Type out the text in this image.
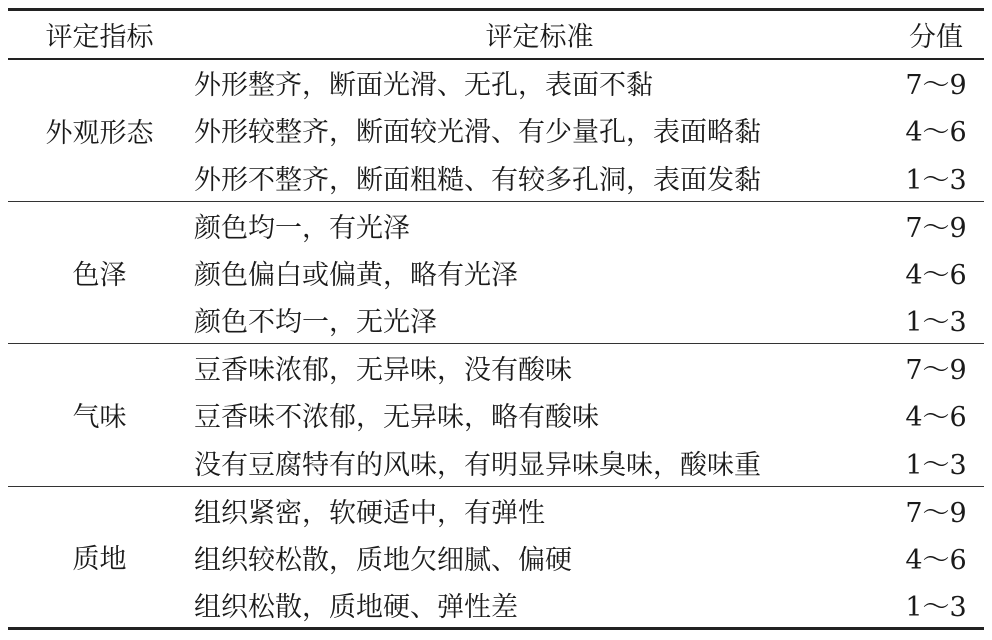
评定指标	评定标准	分值
外观形态	外形整齐，断面光滑、无孔，表面不黏	7～9
	外形较整齐，断面较光滑、有少量孔，表面略黏	4～6
	外形不整齐，断面粗糙、有较多孔洞，表面发黏	1～3
色泽	颜色均一，有光泽	7～9
	颜色偏白或偏黄，略有光泽	4～6
	颜色不均一，无光泽	1～3
气味	豆香味浓郁，无异味，没有酸味	7～9
	豆香味不浓郁，无异味，略有酸味	4～6
	没有豆腐特有的风味，有明显异味臭味，酸味重	1～3
质地	组织紧密，软硬适中，有弹性	7～9
	组织较松散，质地欠细腻、偏硬	4～6
	组织松散，质地硬、弹性差	1～3
